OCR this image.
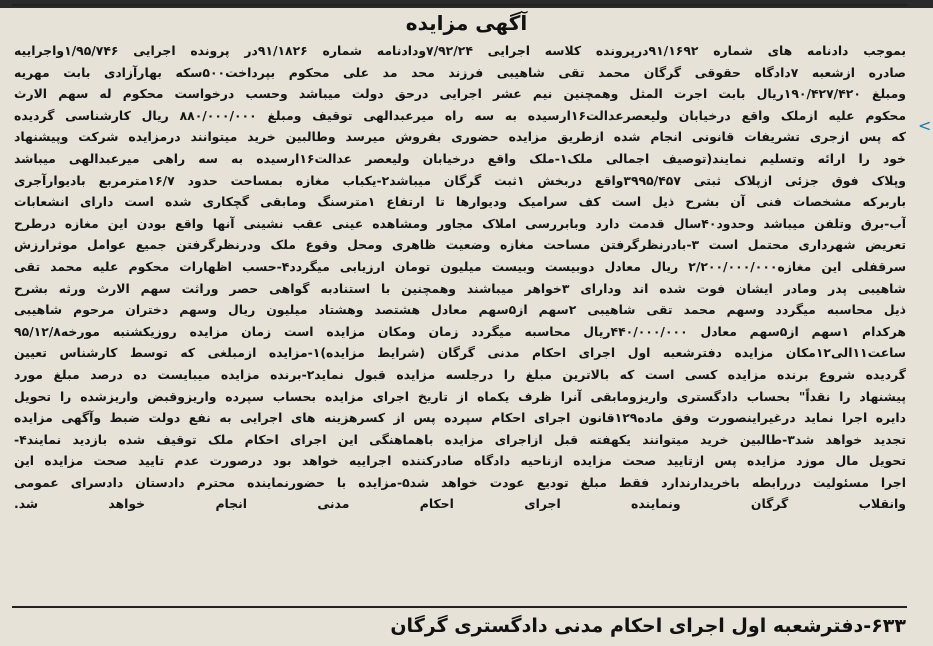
آگهی مزایده
بموجب دادنامه های شماره ۹۱/۱۶۹۲درپرونده کلاسه اجرایی ۷/۹۲/۲۴ودادنامه شماره ۹۱/۱۸۲۶در پرونده اجرایی ۱/۹۵/۷۴۶واجراییه
صادره ازشعبه ۷دادگاه حقوقی گرگان محمد تقی شاهیبی فرزند محد مد علی محکوم بپرداخت۵۰۰سکه بهارآزادی بابت مهریه
ومبلغ ۱۹۰/۴۲۷/۴۲۰ریال بابت اجرت المثل وهمچنین نیم عشر اجرایی درحق دولت میباشد وحسب درخواست محکوم له سهم الارث
محکوم علیه ازملک واقع درخیابان ولیعصرعدالت۱۶ارسیده به سه راه میرعبدالهی توقیف ومبلغ ۸۸۰/۰۰۰/۰۰۰ ریال کارشناسی گردیده
که پس ازجری تشریفات قانونی انجام شده ازطریق مزایده حضوری بفروش میرسد وطالبین خرید میتوانند درمزایده شرکت وپیشنهاد
خود را ارائه وتسلیم نمایند(توصیف اجمالی ملک۱-ملک واقع درخیابان ولیعصر عدالت۱۶ارسیده به سه راهی میرعبدالهی میباشد
وپلاک فوق جزئی ازپلاک ثبتی ۳۹۹۵/۴۵۷واقع دربخش ۱ثبت گرگان میباشد۲-یکباب مغازه بمساحت حدود ۱۶/۷مترمربع بادیوارآجری
باربرکه مشخصات فنی آن بشرح ذیل است کف سرامیک ودیوارها تا ارتفاع ۱مترسنگ ومابقی گچکاری شده است دارای انشعابات
آب-برق وتلفن میباشد وحدود۴۰سال قدمت دارد وبابررسی املاک مجاور ومشاهده عینی عقب نشینی آنها واقع بودن این مغازه درطرح
تعریض شهرداری محتمل است ۳-بادرنظرگرفتن مساحت مغازه وضعیت ظاهری ومحل وقوع ملک ودرنظرگرفتن جمیع عوامل موثرارزش
سرقفلی این مغازه۲/۲۰۰/۰۰۰/۰۰۰ ریال معادل دوبیست وبیست میلیون تومان ارزیابی میگردد۴-حسب اظهارات محکوم علیه محمد تقی
شاهیبی پدر ومادر ایشان فوت شده اند ودارای ۳خواهر میباشند وهمچنین با استنادبه گواهی حصر وراثت سهم الارث ورثه بشرح
ذیل محاسبه میگردد وسهم محمد تقی شاهیبی ۲سهم از۵سهم معادل هشتصد وهشتاد میلیون ریال وسهم دختران مرحوم شاهیبی
هرکدام ۱سهم از۵سهم معادل ۴۴۰/۰۰۰/۰۰۰ریال محاسبه میگردد زمان ومکان مزایده است زمان مزایده روزیکشنبه مورخه۹۵/۱۲/۸
ساعت۱۱الی۱۲مکان مزایده دفترشعبه اول اجرای احکام مدنی گرگان (شرایط مزایده)۱-مزایده ازمبلغی که توسط کارشناس تعیین
گردیده شروع برنده مزایده کسی است که بالاترین مبلغ را درجلسه مزایده قبول نماید۲-برنده مزایده میبایست ده درصد مبلغ مورد
پیشنهاد را نقداً" بحساب دادگستری واریزومابقی آنرا ظرف یکماه از تاریخ اجرای مزایده بحساب سپرده واریزوقبض واریزشده را تحویل
دایره اجرا نماید درغیراینصورت وفق ماده۱۲۹قانون اجرای احکام سپرده پس از کسرهزینه های اجرایی به نفع دولت ضبط وآگهی مزایده
تجدید خواهد شد۳-طالبین خرید میتوانند یکهفته قبل ازاجرای مزایده باهماهنگی این اجرای احکام ملک توقیف شده بازدید نمایند۴-
تحویل مال موزد مزایده پس ازتایید صحت مزایده ازناحیه دادگاه صادرکننده اجراییه خواهد بود درصورت عدم تایید صحت مزایده این
اجرا مسئولیت دررابطه باخریدارندارد فقط مبلغ تودیع عودت خواهد شد۵-مزایده با حضورنماینده محترم دادستان دادسرای عمومی
وانقلاب گرگان ونماینده اجرای احکام مدنی انجام خواهد شد.
۶۳۳-دفترشعبه اول اجرای احکام مدنی دادگستری گرگان
<
